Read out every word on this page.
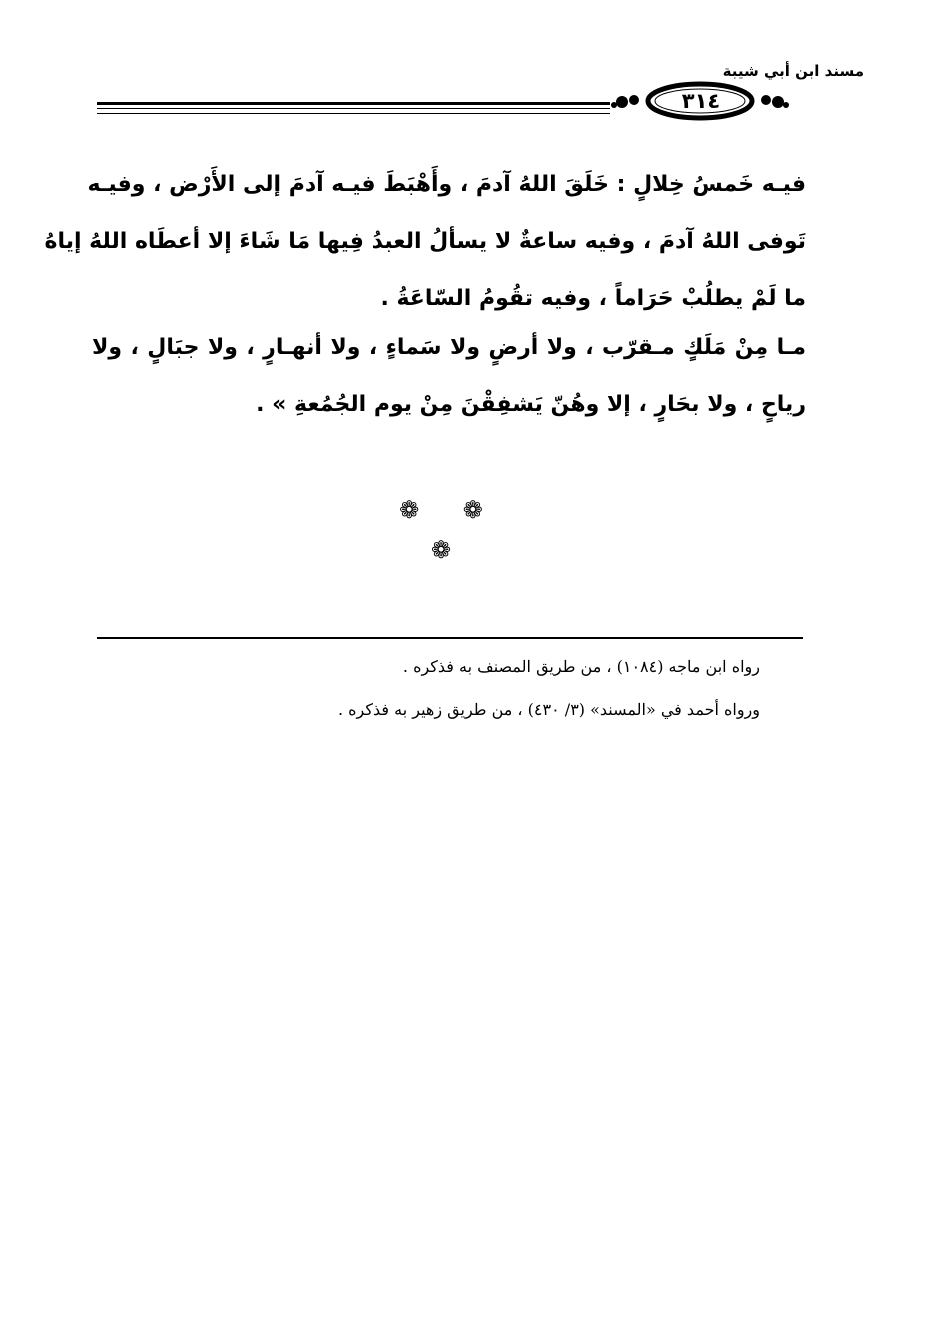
مسند ابن أبي شيبة
٣١٤
فيـه خَمسُ خِلالٍ : خَلَقَ اللهُ آدمَ ، وأَهْبَطَ فيـه آدمَ إلى الأَرْض ، وفيـه
تَوفى اللهُ آدمَ ، وفيه ساعةٌ لا يسألُ العبدُ فِيها مَا شَاءَ إلا أعطَاه اللهُ إياهُ
ما لَمْ يطلُبْ حَرَاماً ، وفيه تقُومُ السّاعَةُ .
مـا مِنْ مَلَكٍ مـقرّب ، ولا أرضٍ ولا سَماءٍ ، ولا أنهـارٍ ، ولا جبَالٍ ، ولا
رياحٍ ، ولا بحَارٍ ، إلا وهُنّ يَشفِقْنَ مِنْ يوم الجُمُعةِ » .
❁ ❁ ❁
رواه ابن ماجه (١٠٨٤) ، من طريق المصنف به فذكره .
ورواه أحمد في «المسند» (٣/ ٤٣٠) ، من طريق زهير به فذكره .
